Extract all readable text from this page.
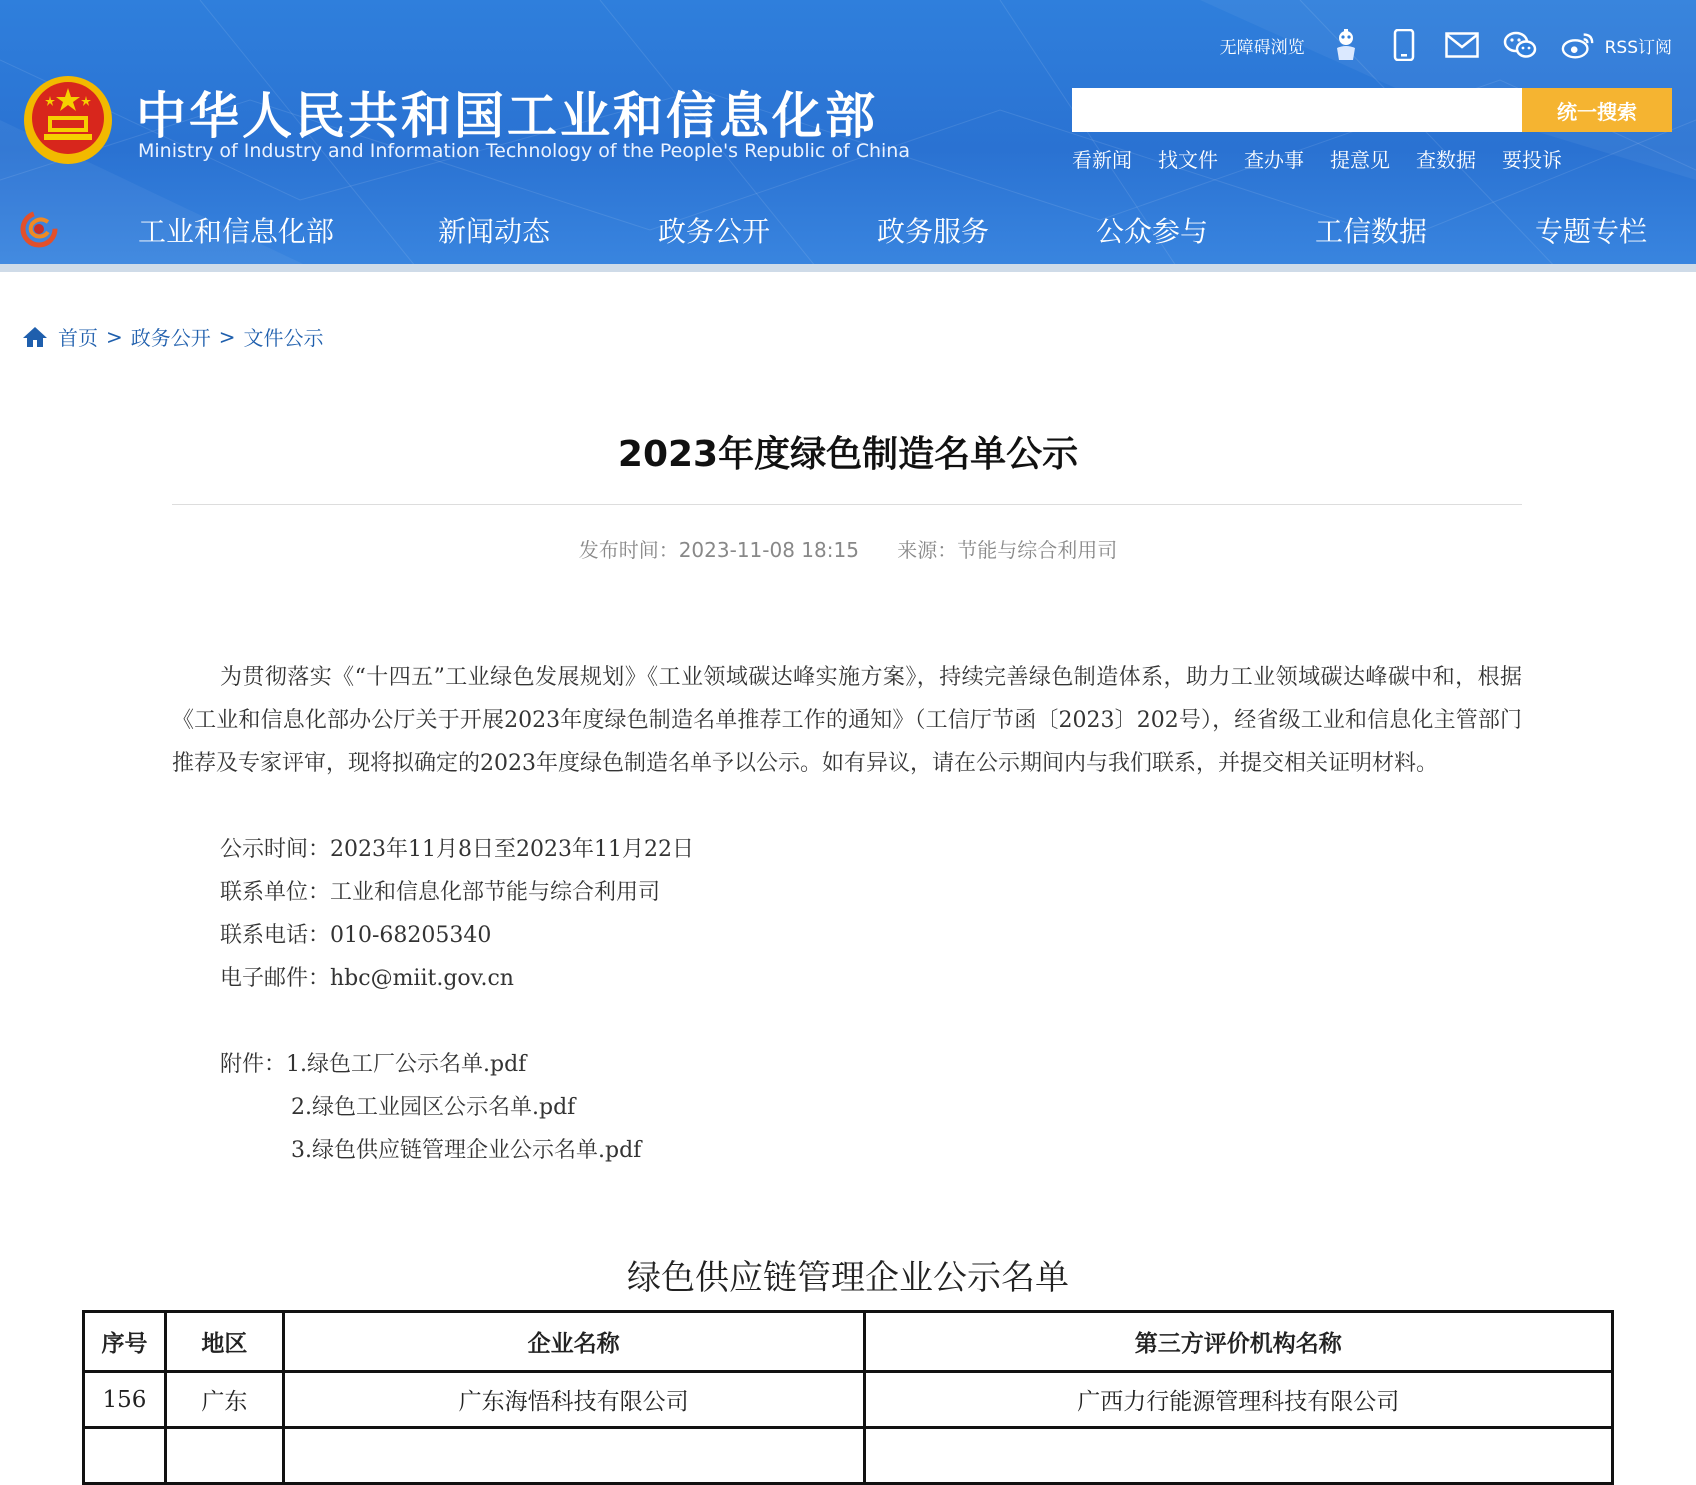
中华人民共和国工业和信息化部
Ministry of Industry and Information Technology of the People's Republic of China
无障碍浏览	RSS订阅
统一搜索
看新闻 找文件 查办事 提意见 查数据 要投诉
工业和信息化部	新闻动态	政务公开	政务服务	公众参与	工信数据	专题专栏
首页 > 政务公开 > 文件公示
2023年度绿色制造名单公示
发布时间：2023-11-08 18:15 来源：节能与综合利用司

为贯彻落实《“十四五”工业绿色发展规划》《工业领域碳达峰实施方案》，持续完善绿色制造体系，助力工业领域碳达峰碳中和，根据《工业和信息化部办公厅关于开展2023年度绿色制造名单推荐工作的通知》（工信厅节函〔2023〕202号），经省级工业和信息化主管部门推荐及专家评审，现将拟确定的2023年度绿色制造名单予以公示。如有异议，请在公示期间内与我们联系，并提交相关证明材料。

公示时间：2023年11月8日至2023年11月22日

联系单位：工业和信息化部节能与综合利用司

联系电话：010-68205340

电子邮件：hbc@miit.gov.cn

附件：1.绿色工厂公示名单.pdf

2.绿色工业园区公示名单.pdf

3.绿色供应链管理企业公示名单.pdf

绿色供应链管理企业公示名单
序号	地区	企业名称	第三方评价机构名称
156	广东	广东海悟科技有限公司	广西力行能源管理科技有限公司
